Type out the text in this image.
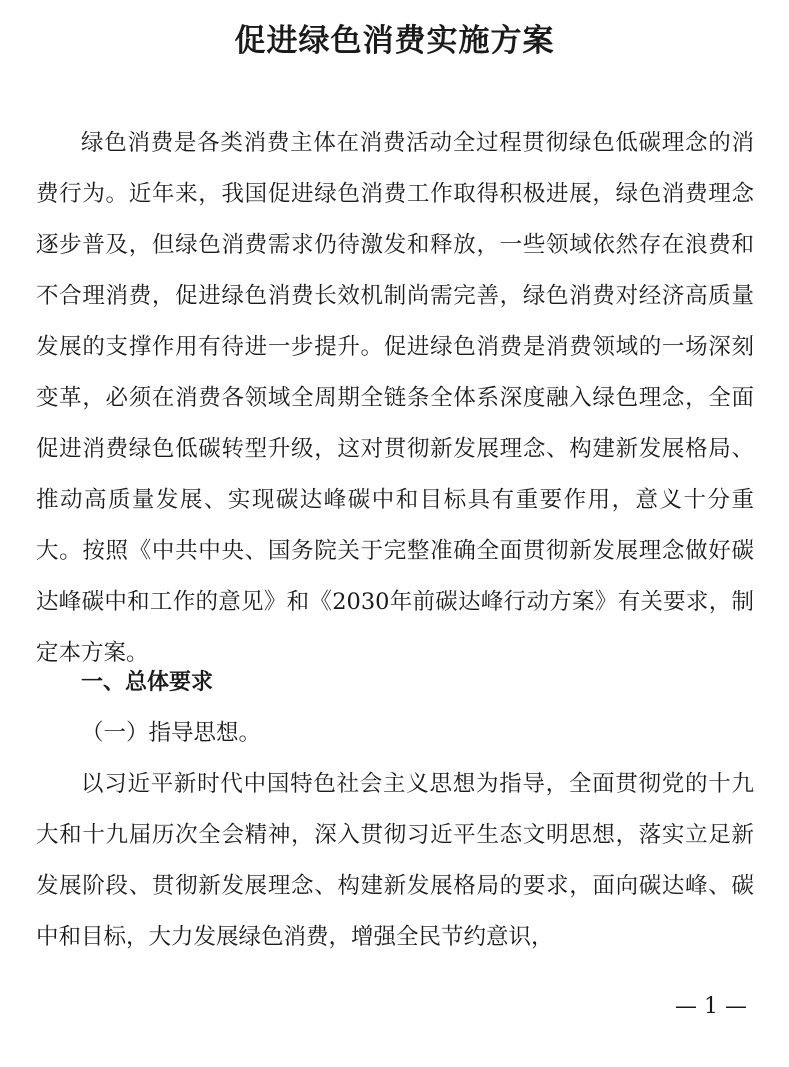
促进绿色消费实施方案

绿色消费是各类消费主体在消费活动全过程贯彻绿色低碳理念的消费行为。近年来，我国促进绿色消费工作取得积极进展，绿色消费理念逐步普及，但绿色消费需求仍待激发和释放，一些领域依然存在浪费和不合理消费，促进绿色消费长效机制尚需完善，绿色消费对经济高质量发展的支撑作用有待进一步提升。促进绿色消费是消费领域的一场深刻变革，必须在消费各领域全周期全链条全体系深度融入绿色理念，全面促进消费绿色低碳转型升级，这对贯彻新发展理念、构建新发展格局、推动高质量发展、实现碳达峰碳中和目标具有重要作用，意义十分重大。按照《中共中央、国务院关于完整准确全面贯彻新发展理念做好碳达峰碳中和工作的意见》和《2030年前碳达峰行动方案》有关要求，制定本方案。

一、总体要求
（一）指导思想。

以习近平新时代中国特色社会主义思想为指导，全面贯彻党的十九大和十九届历次全会精神，深入贯彻习近平生态文明思想，落实立足新发展阶段、贯彻新发展理念、构建新发展格局的要求，面向碳达峰、碳中和目标，大力发展绿色消费，增强全民节约意识，

— 1 —
